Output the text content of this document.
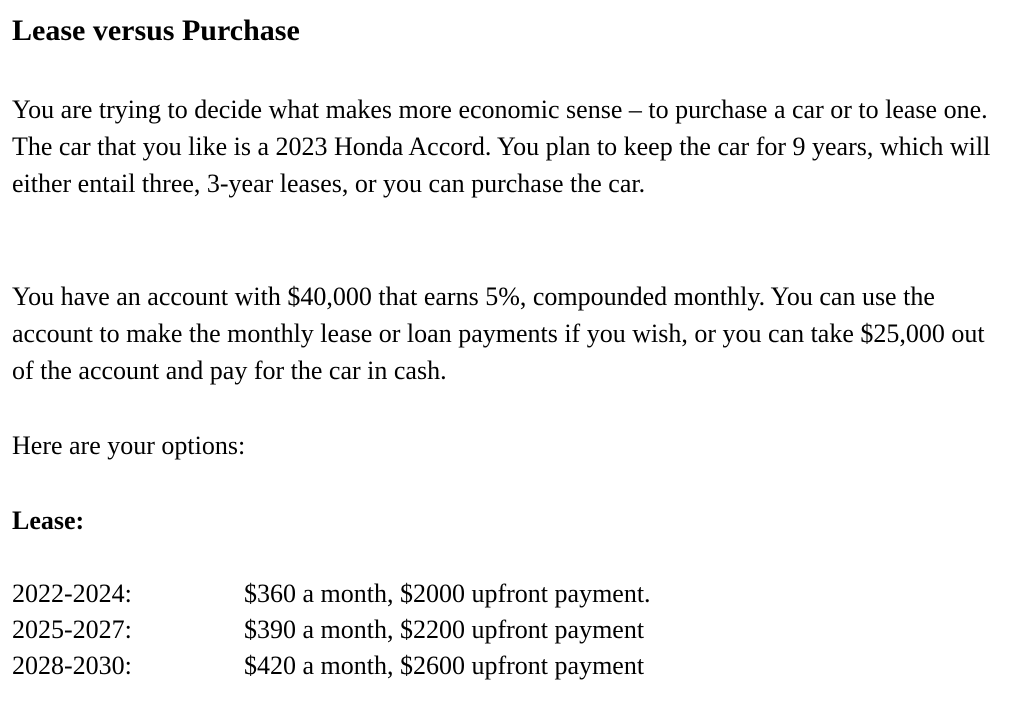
Lease versus Purchase

You are trying to decide what makes more economic sense – to purchase a car or to lease one. The car that you like is a 2023 Honda Accord. You plan to keep the car for 9 years, which will either entail three, 3-year leases, or you can purchase the car.

You have an account with $40,000 that earns 5%, compounded monthly. You can use the account to make the monthly lease or loan payments if you wish, or you can take $25,000 out of the account and pay for the car in cash.

Here are your options:

Lease:
2022-2024:	$360 a month, $2000 upfront payment.
2025-2027:	$390 a month, $2200 upfront payment
2028-2030:	$420 a month, $2600 upfront payment
